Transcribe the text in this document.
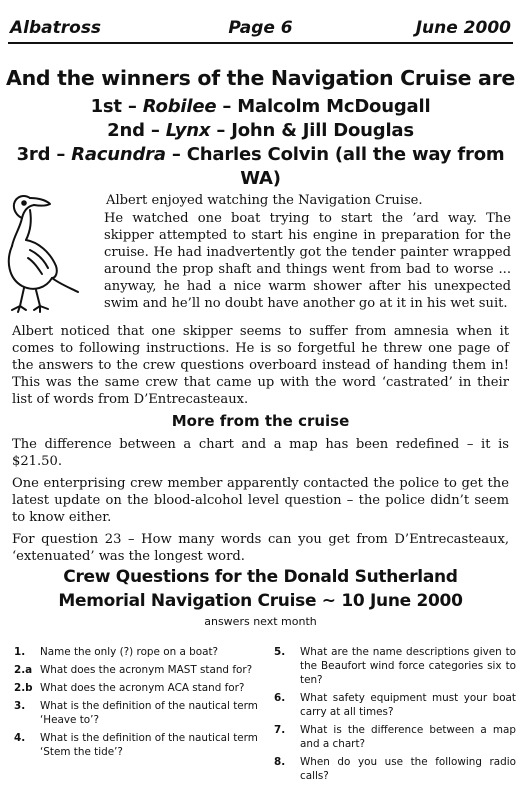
Albatross	Page 6	June 2000
And the winners of the Navigation Cruise are
1st – Robilee – Malcolm McDougall
2nd – Lynx – John & Jill Douglas
3rd – Racundra – Charles Colvin (all the way from WA)

Albert enjoyed watching the Navigation Cruise.

He watched one boat trying to start the ’ard way. The skipper attempted to start his engine in preparation for the cruise. He had inadvertently got the tender painter wrapped around the prop shaft and things went from bad to worse ... anyway, he had a nice warm shower after his unexpected swim and he’ll no doubt have another go at it in his wet suit.

Albert noticed that one skipper seems to suffer from amnesia when it comes to following instructions. He is so forgetful he threw one page of the answers to the crew questions overboard instead of handing them in! This was the same crew that came up with the word ‘castrated’ in their list of words from D’Entrecasteaux.

More from the cruise

The difference between a chart and a map has been redefined – it is $21.50.

One enterprising crew member apparently contacted the police to get the latest update on the blood-alcohol level question – the police didn’t seem to know either.

For question 23 – How many words can you get from D’Entrecasteaux, ‘extenuated’ was the longest word.

Crew Questions for the Donald Sutherland
Memorial Navigation Cruise ~ 10 June 2000
answers next month
1. Name the only (?) rope on a boat?
2.a What does the acronym MAST stand for?
2.b What does the acronym ACA stand for?
3. What is the definition of the nautical term ‘Heave to’?
4. What is the definition of the nautical term ‘Stem the tide’?
5. What are the name descriptions given to the Beaufort wind force categories six to ten?
6. What safety equipment must your boat carry at all times?
7. What is the difference between a map and a chart?
8. When do you use the following radio calls?
